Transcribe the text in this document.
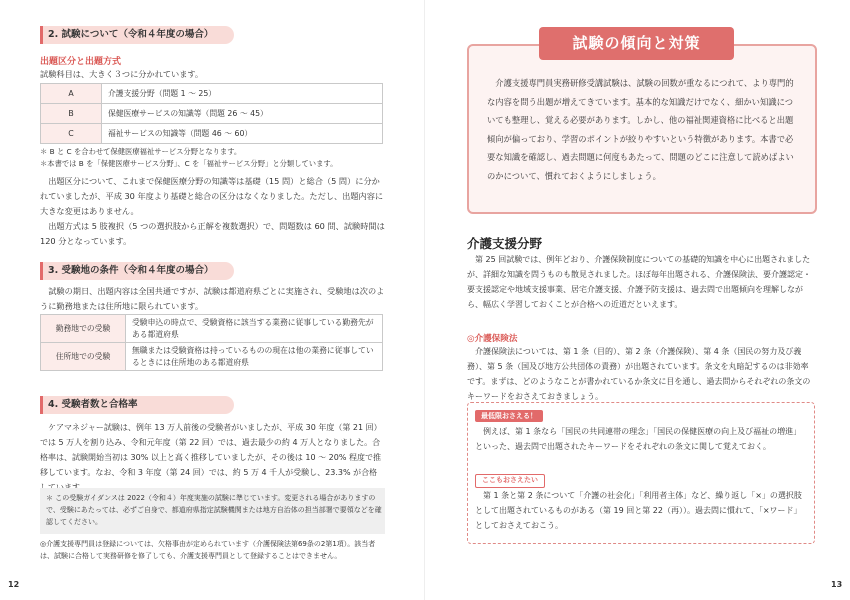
2. 試験について（令和４年度の場合）
出題区分と出題方式
試験科目は、大きく３つに分かれています。
A	介護支援分野（問題 1 〜 25）
B	保健医療サービスの知識等（問題 26 〜 45）
C	福祉サービスの知識等（問題 46 〜 60）
＊ B と C を合わせて保健医療福祉サービス分野となります。
＊本書では B を「保健医療サービス分野」、C を「福祉サービス分野」と分類しています。
　出題区分について、これまで保健医療分野の知識等は基礎（15 問）と総合（5 問）に分かれていましたが、平成 30 年度より基礎と総合の区分はなくなりました。ただし、出題内容に大きな変更はありません。
　出題方式は 5 肢複択（5 つの選択肢から正解を複数選択）で、問題数は 60 問、試験時間は 120 分となっています。
3. 受験地の条件（令和４年度の場合）
　試験の期日、出題内容は全国共通ですが、試験は都道府県ごとに実施され、受験地は次のように勤務地または住所地に限られています。
勤務地での受験	受験申込の時点で、受験資格に該当する業務に従事している勤務先がある都道府県
住所地での受験	無職または受験資格は持っているものの現在は他の業務に従事しているときには住所地のある都道府県
4. 受験者数と合格率
　ケアマネジャー試験は、例年 13 万人前後の受験者がいましたが、平成 30 年度（第 21 回）では 5 万人を割り込み、令和元年度（第 22 回）では、過去最少の約 4 万人となりました。合格率は、試験開始当初は 30% 以上と高く推移していましたが、その後は 10 〜 20% 程度で推移しています。なお、令和 3 年度（第 24 回）では、約 5 万 4 千人が受験し、23.3% が合格
＊ この受験ガイダンスは 2022（令和４）年度実施の試験に準じています。変更される場合がありますので、受験にあたっては、必ずご自身で、都道府県指定試験機関または地方自治体の担当部署で要領などを確認してください。
◎介護支援専門員は登録については、欠格事由が定められています（介護保険法第69条の2第1項）。該当者は、試験に合格して実務研修を修了しても、介護支援専門員として登録することはできません。
12
試験の傾向と対策
介護支援専門員実務研修受講試験は、試験の回数が重なるにつれて、より専門的な内容を問う出題が増えてきています。基本的な知識だけでなく、細かい知識についても整理し、覚える必要があります。しかし、他の福祉関連資格に比べると出題傾向が偏っており、学習のポイントが絞りやすいという特徴があります。本書で必要な知識を確認し、過去問題に何度もあたって、問題のどこに注意して読めばよいのかについて、慣れておくようにしましょう。
介護支援分野
　第 25 回試験では、例年どおり、介護保険制度についての基礎的知識を中心に出題されましたが、詳細な知識を問うものも散見されました。ほぼ毎年出題される、介護保険法、要介護認定・要支援認定や地域支援事業、居宅介護支援、介護予防支援は、過去問で出題傾向を理解しながら、幅広く学習しておくことが合格への近道だといえます。
◎介護保険法
　介護保険法については、第 1 条（目的）、第 2 条（介護保険）、第 4 条（国民の努力及び義務）、第 5 条（国及び地方公共団体の責務）が出題されています。条文を丸暗記するのは非効率です。まずは、どのようなことが書かれているか条文に目を通し、過去問からそれぞれの条文のキーワードをおさえておきましょう。
最低限おさえる！
　例えば、第 1 条なら「国民の共同連帯の理念」「国民の保健医療の向上及び福祉の増進」といった、過去問で出題されたキーワードをそれぞれの条文に関して覚えておく。
ここもおさえたい
　第 1 条と第 2 条について「介護の社会化」「利用者主体」など、繰り返し「×」の選択肢として出題されているものがある（第 19 回と第 22（再））。過去問に慣れて、「×ワード」としておさえておこう。
13
